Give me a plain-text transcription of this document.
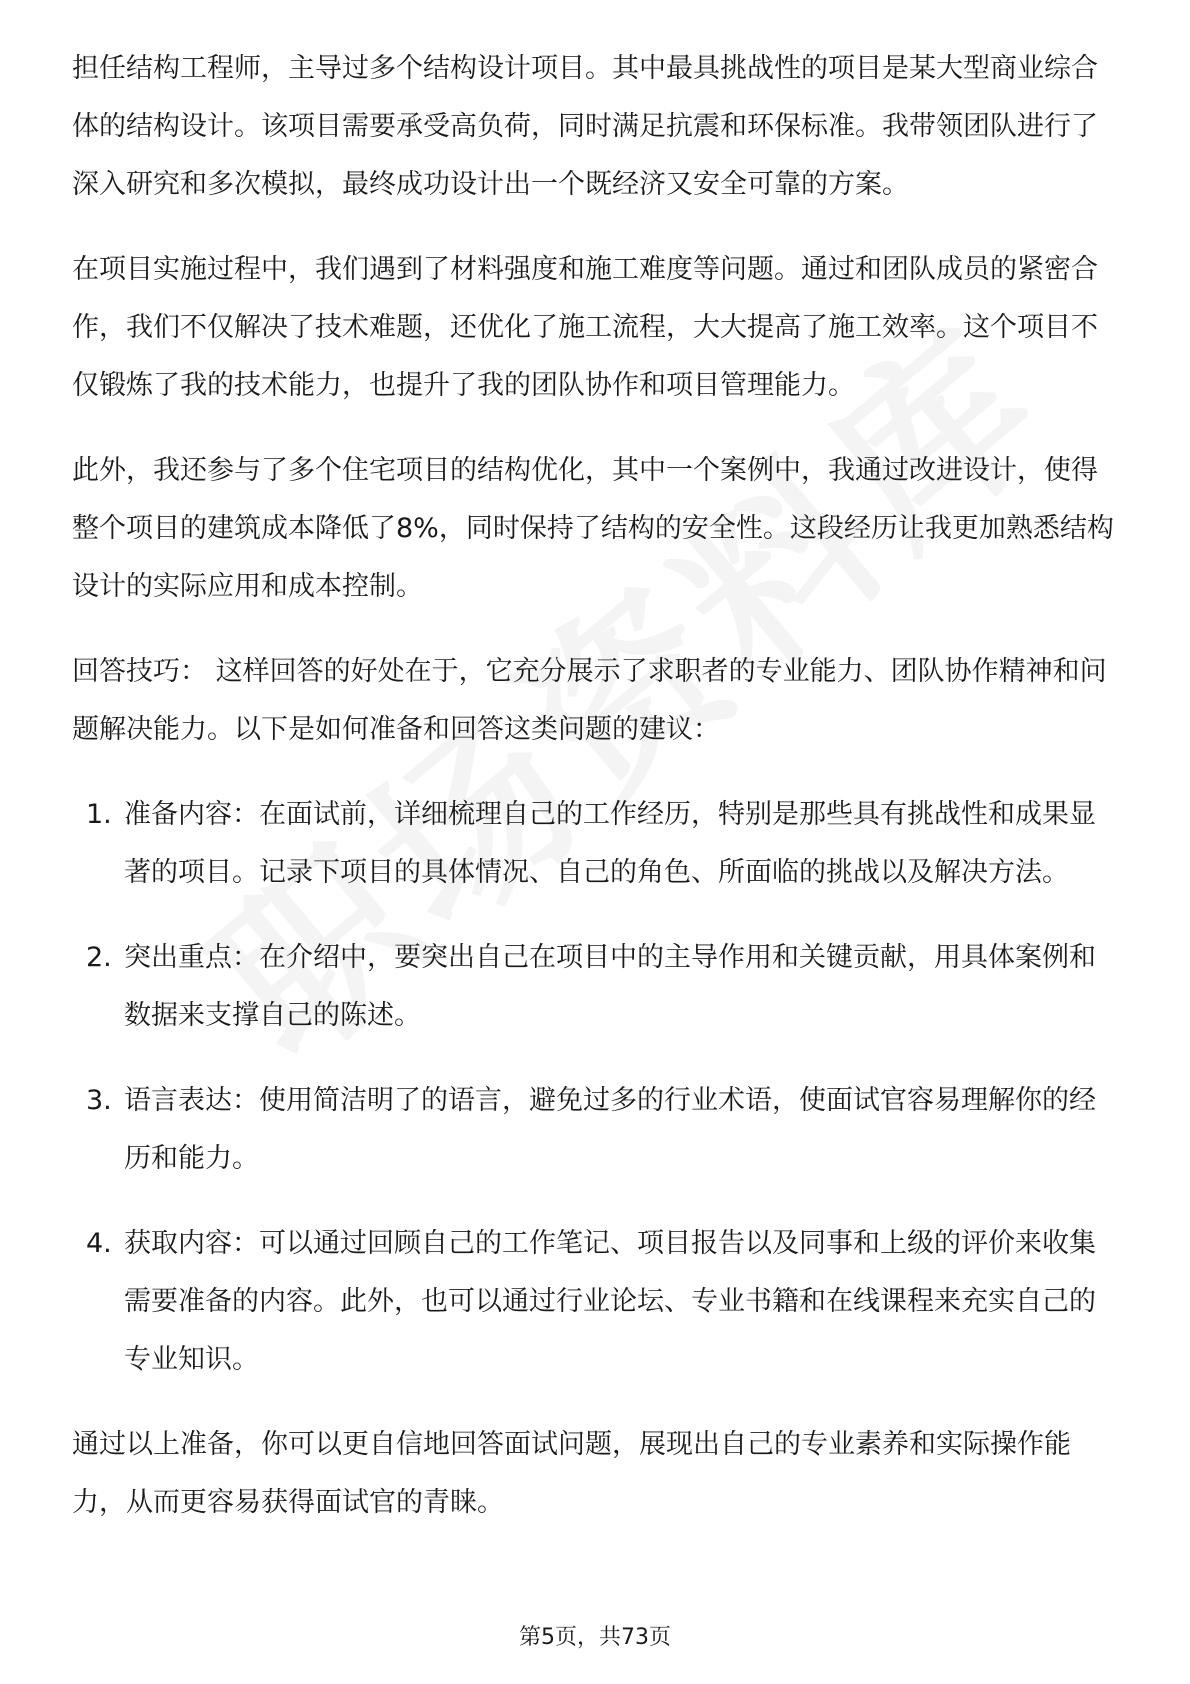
担任结构工程师，主导过多个结构设计项目。其中最具挑战性的项目是某大型商业综合体的结构设计。该项目需要承受高负荷，同时满足抗震和环保标准。我带领团队进行了深入研究和多次模拟，最终成功设计出一个既经济又安全可靠的方案。

在项目实施过程中，我们遇到了材料强度和施工难度等问题。通过和团队成员的紧密合作，我们不仅解决了技术难题，还优化了施工流程，大大提高了施工效率。这个项目不仅锻炼了我的技术能力，也提升了我的团队协作和项目管理能力。

此外，我还参与了多个住宅项目的结构优化，其中一个案例中，我通过改进设计，使得整个项目的建筑成本降低了8%，同时保持了结构的安全性。这段经历让我更加熟悉结构设计的实际应用和成本控制。

回答技巧： 这样回答的好处在于，它充分展示了求职者的专业能力、团队协作精神和问题解决能力。以下是如何准备和回答这类问题的建议：

1. 准备内容：在面试前，详细梳理自己的工作经历，特别是那些具有挑战性和成果显著的项目。记录下项目的具体情况、自己的角色、所面临的挑战以及解决方法。
2. 突出重点：在介绍中，要突出自己在项目中的主导作用和关键贡献，用具体案例和数据来支撑自己的陈述。
3. 语言表达：使用简洁明了的语言，避免过多的行业术语，使面试官容易理解你的经历和能力。
4. 获取内容：可以通过回顾自己的工作笔记、项目报告以及同事和上级的评价来收集需要准备的内容。此外，也可以通过行业论坛、专业书籍和在线课程来充实自己的专业知识。

通过以上准备，你可以更自信地回答面试问题，展现出自己的专业素养和实际操作能力，从而更容易获得面试官的青睐。

第5页，共73页
